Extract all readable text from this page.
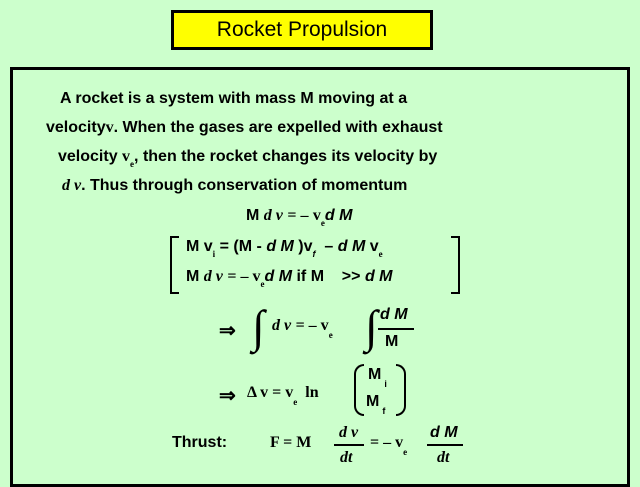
Rocket Propulsion
A rocket is a system with mass M moving at a
velocityv. When the gases are expelled with exhaust
velocity $v_e$, then the rocket changes its velocity by
d v. Thus through conservation of momentum
M d v = – $v_ed$ M
M $v_i = (M - d$ M )$v_f$ – d M $v_e$
M d v = – $v_ed$ M if M >> d M
⇒ ∫ d v = – $v_e$ ∫ d M
M
⇒ Δ $v = v_e$  ln
$M_i$
$M_f$
Thrust:	F = M
d v
dt
= – $v_e$
d M
dt
